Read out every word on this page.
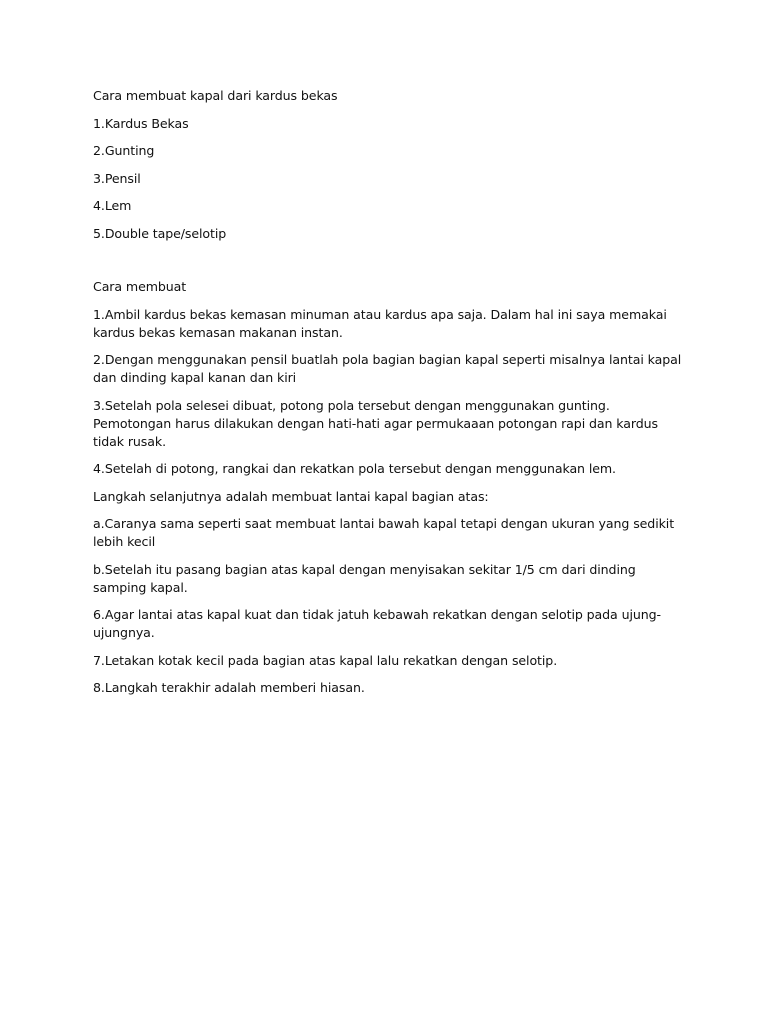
Cara membuat kapal dari kardus bekas

1.Kardus Bekas

2.Gunting

3.Pensil

4.Lem

5.Double tape/selotip

Cara membuat

1.Ambil kardus bekas kemasan minuman atau kardus apa saja. Dalam hal ini saya memakai kardus bekas kemasan makanan instan.

2.Dengan menggunakan pensil buatlah pola bagian bagian kapal seperti misalnya lantai kapal dan dinding kapal kanan dan kiri

3.Setelah pola selesei dibuat, potong pola tersebut dengan menggunakan gunting. Pemotongan harus dilakukan dengan hati-hati agar permukaaan potongan rapi dan kardus tidak rusak.

4.Setelah di potong, rangkai dan rekatkan pola tersebut dengan menggunakan lem.

Langkah selanjutnya adalah membuat lantai kapal bagian atas:

a.Caranya sama seperti saat membuat lantai bawah kapal tetapi dengan ukuran yang sedikit lebih kecil

b.Setelah itu pasang bagian atas kapal dengan menyisakan sekitar 1/5 cm dari dinding samping kapal.

6.Agar lantai atas kapal kuat dan tidak jatuh kebawah rekatkan dengan selotip pada ujung-ujungnya.

7.Letakan kotak kecil pada bagian atas kapal lalu rekatkan dengan selotip.

8.Langkah terakhir adalah memberi hiasan.
